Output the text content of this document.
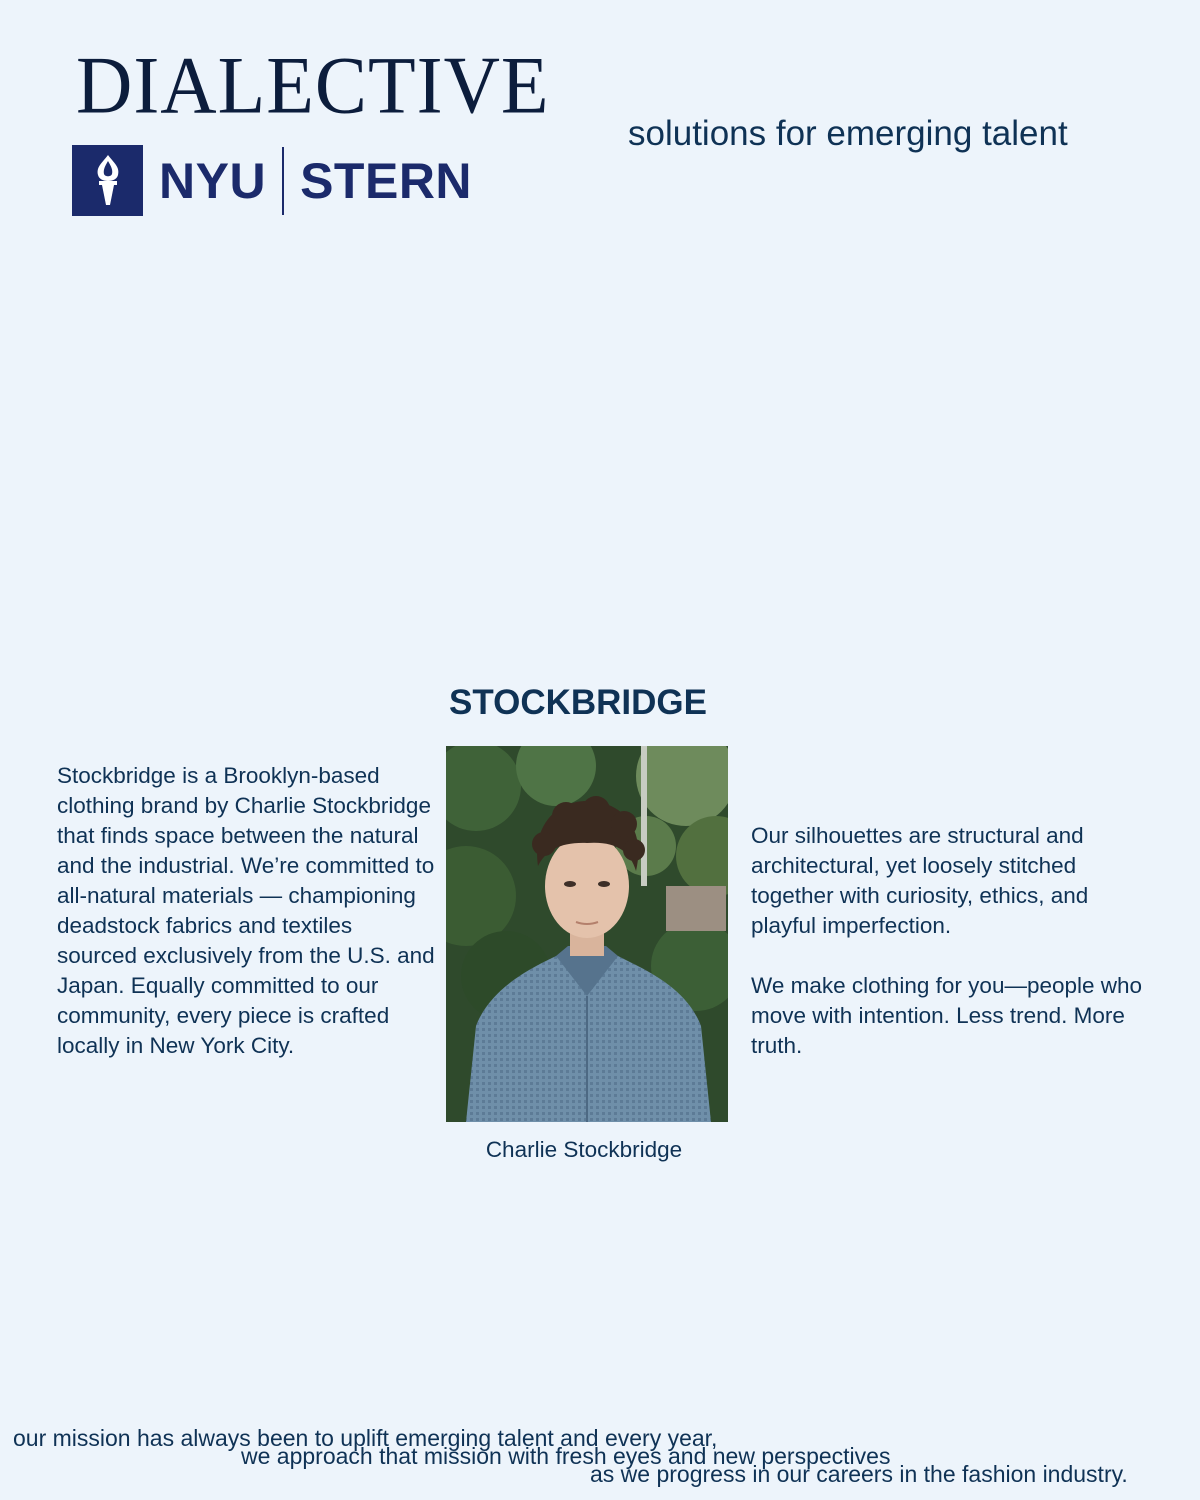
DIALECTIVE
NYU STERN
solutions for emerging talent
STOCKBRIDGE
Stockbridge is a Brooklyn-based clothing brand by Charlie Stockbridge that finds space between the natural and the industrial. We’re committed to all-natural materials — championing deadstock fabrics and textiles sourced exclusively from the U.S. and Japan. Equally committed to our community, every piece is crafted locally in New York City.
Charlie Stockbridge

Our silhouettes are structural and architectural, yet loosely stitched together with curiosity, ethics, and playful imperfection.

We make clothing for you—people who move with intention. Less trend. More truth.

our mission has always been to uplift emerging talent and every year,
we approach that mission with fresh eyes and new perspectives
as we progress in our careers in the fashion industry.
